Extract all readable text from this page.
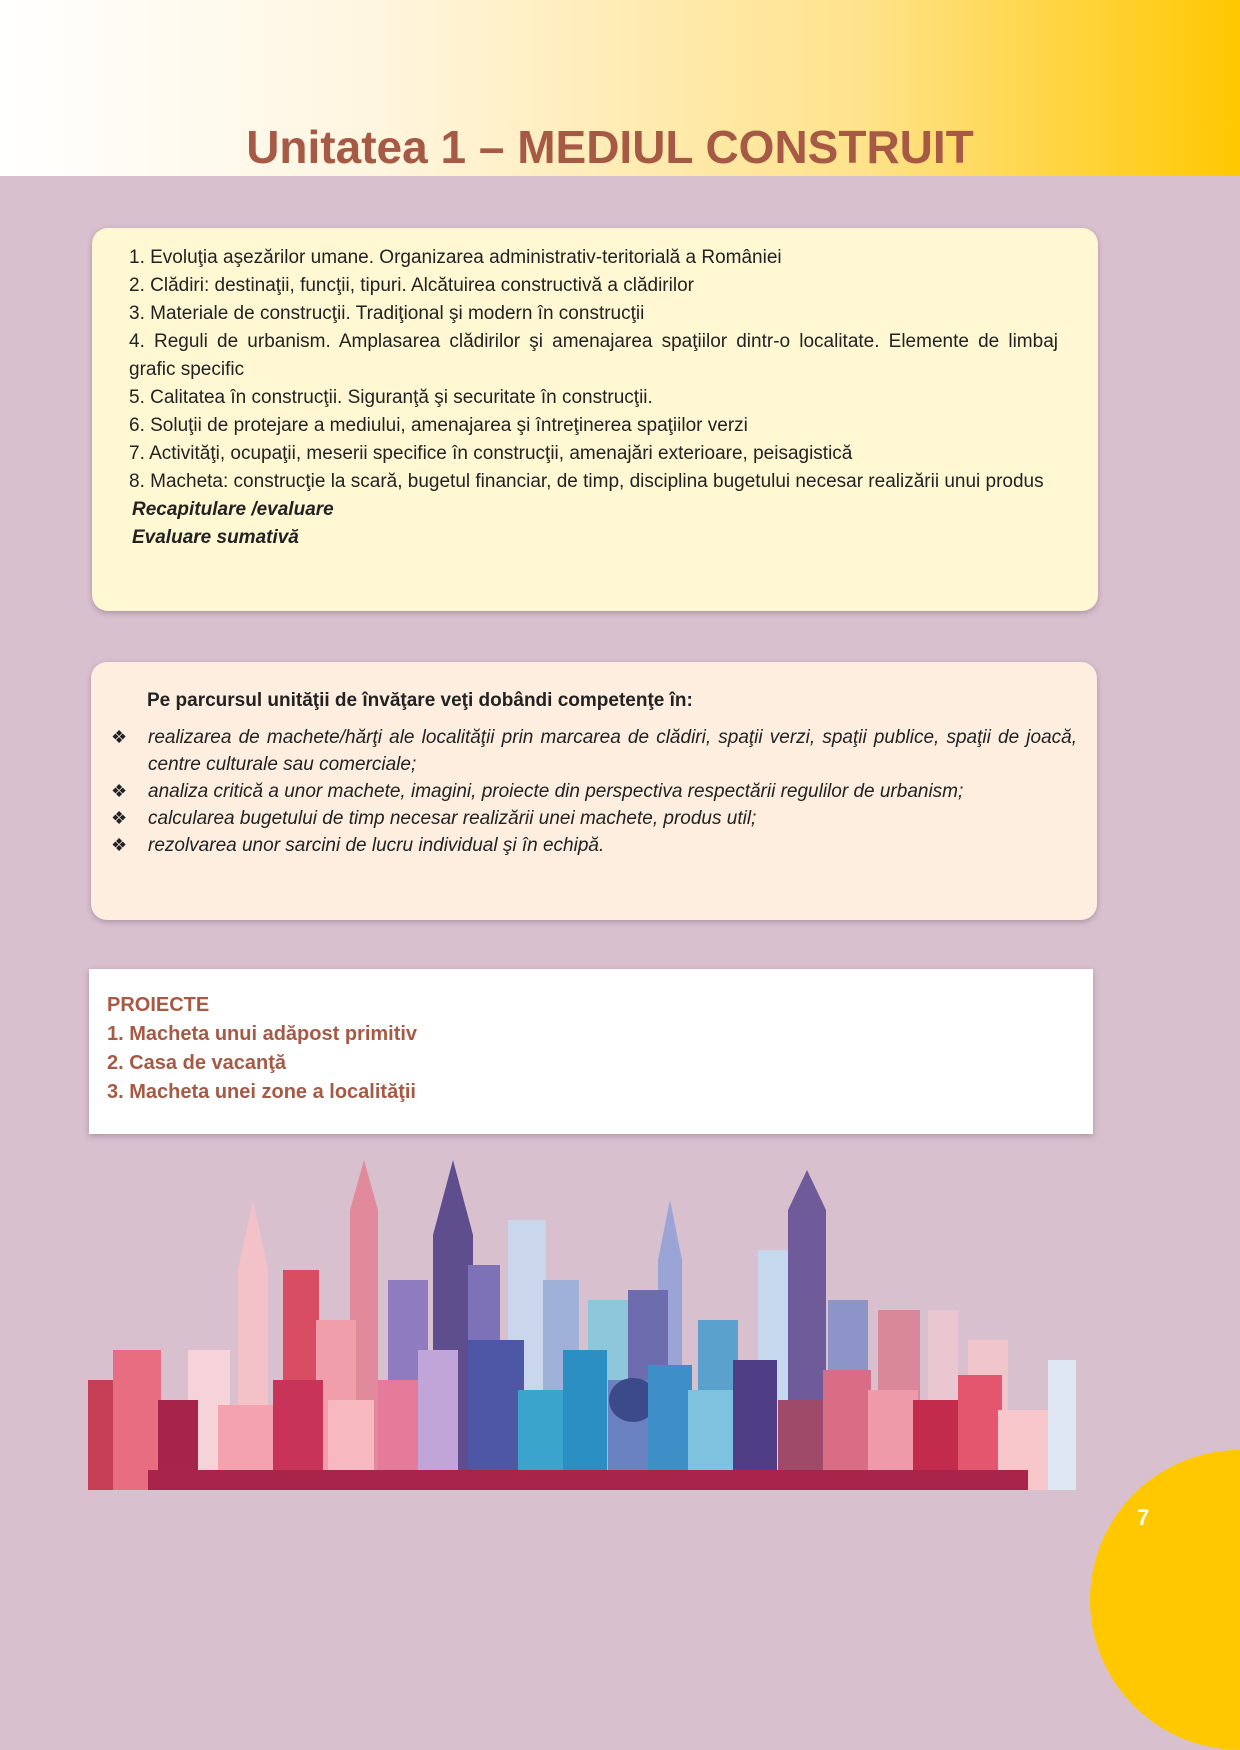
Unitatea 1 – MEDIUL CONSTRUIT

1. Evoluţia aşezărilor umane. Organizarea administrativ-teritorială a României

2. Clădiri: destinaţii, funcţii, tipuri. Alcătuirea constructivă a clădirilor

3. Materiale de construcţii. Tradiţional şi modern în construcţii

4. Reguli de urbanism. Amplasarea clădirilor şi amenajarea spaţiilor dintr-o localitate. Elemente de limbaj grafic specific

5. Calitatea în construcţii. Siguranţă şi securitate în construcţii.

6. Soluţii de protejare a mediului, amenajarea şi întreţinerea spaţiilor verzi

7. Activităţi, ocupaţii, meserii specifice în construcţii, amenajări exterioare, peisagistică

8. Macheta: construcţie la scară, bugetul financiar, de timp, disciplina bugetului necesar realizării unui produs

Recapitulare /evaluare

Evaluare sumativă

Pe parcursul unităţii de învăţare veţi dobândi competenţe în:

❖ realizarea de machete/hărţi ale localităţii prin marcarea de clădiri, spaţii verzi, spaţii publice, spaţii de joacă, centre culturale sau comerciale;
❖ analiza critică a unor machete, imagini, proiecte din perspectiva respectării regulilor de urbanism;
❖ calcularea bugetului de timp necesar realizării unei machete, produs util;
❖ rezolvarea unor sarcini de lucru individual şi în echipă.
PROIECTE
1. Macheta unui adăpost primitiv
2. Casa de vacanţă
3. Macheta unei zone a localităţii
7
